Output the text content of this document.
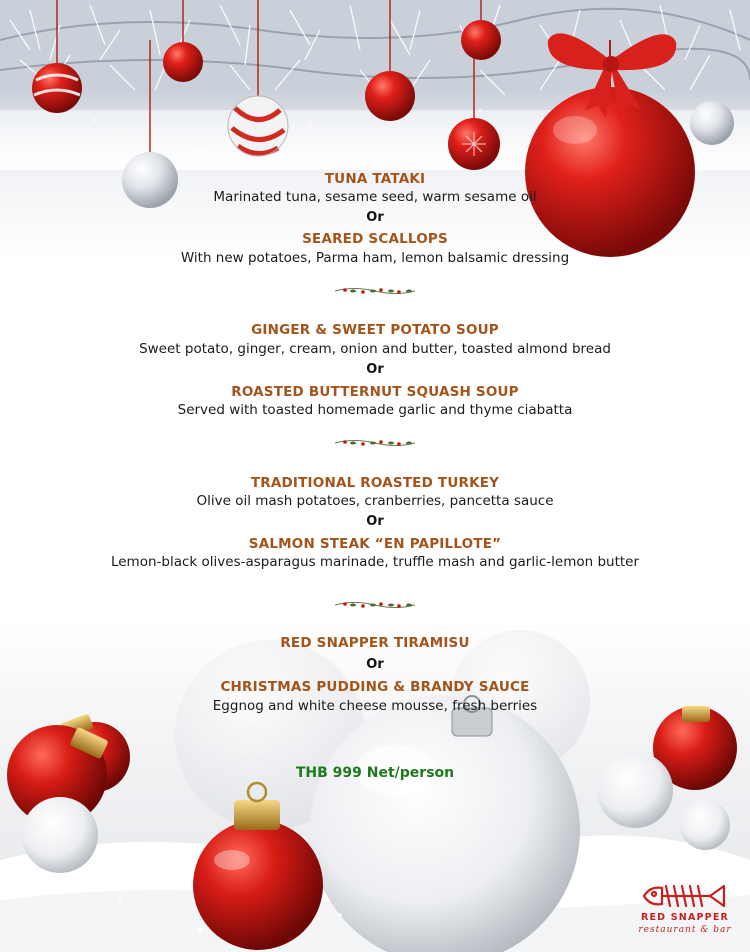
TUNA TATAKI
Marinated tuna, sesame seed, warm sesame oil
Or
SEARED SCALLOPS
With new potatoes, Parma ham, lemon balsamic dressing
GINGER & SWEET POTATO SOUP
Sweet potato, ginger, cream, onion and butter, toasted almond bread
Or
ROASTED BUTTERNUT SQUASH SOUP
Served with toasted homemade garlic and thyme ciabatta
TRADITIONAL ROASTED TURKEY
Olive oil mash potatoes, cranberries, pancetta sauce
Or
SALMON STEAK “EN PAPILLOTE”
Lemon-black olives-asparagus marinade, truffle mash and garlic-lemon butter
RED SNAPPER TIRAMISU
Or
CHRISTMAS PUDDING & BRANDY SAUCE
Eggnog and white cheese mousse, fresh berries
THB 999 Net/person
RED SNAPPER
restaurant & bar
